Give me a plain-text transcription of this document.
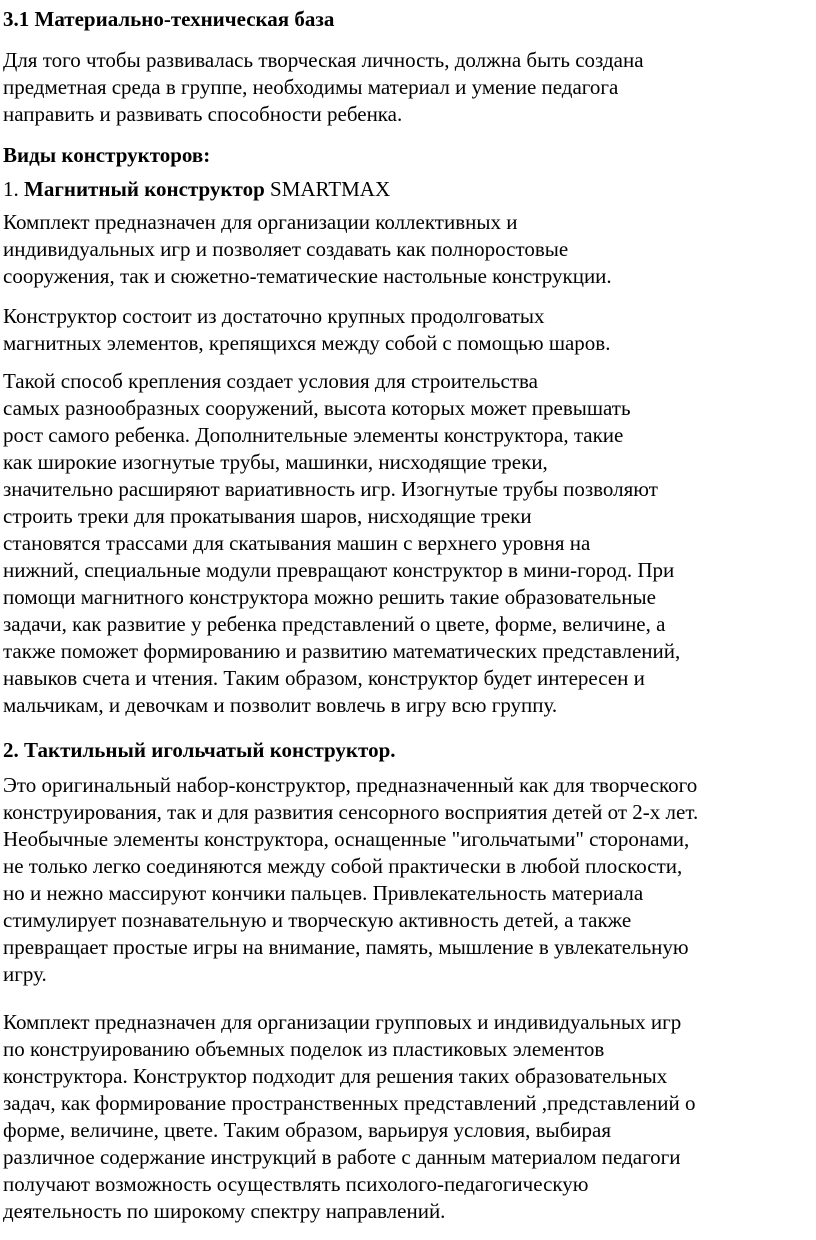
3.1 Материально-техническая база
Для того чтобы развивалась творческая личность, должна быть создана
предметная среда в группе, необходимы материал и умение педагога
направить и развивать способности ребенка.
Виды конструкторов:
1. Магнитный конструктор SMARTMAX
Комплект предназначен для организации коллективных и
индивидуальных игр и позволяет создавать как полноростовые
сооружения, так и сюжетно-тематические настольные конструкции.
Конструктор состоит из достаточно крупных продолговатых
магнитных элементов, крепящихся между собой с помощью шаров.
Такой способ крепления создает условия для строительства
самых разнообразных сооружений, высота которых может превышать
рост самого ребенка. Дополнительные элементы конструктора, такие
как широкие изогнутые трубы, машинки, нисходящие треки,
значительно расширяют вариативность игр. Изогнутые трубы позволяют
строить треки для прокатывания шаров, нисходящие треки
становятся трассами для скатывания машин с верхнего уровня на
нижний, специальные модули превращают конструктор в мини-город. При
помощи магнитного конструктора можно решить такие образовательные
задачи, как развитие у ребенка представлений о цвете, форме, величине, а
также поможет формированию и развитию математических представлений,
навыков счета и чтения. Таким образом, конструктор будет интересен и
мальчикам, и девочкам и позволит вовлечь в игру всю группу.
2. Тактильный игольчатый конструктор.
Это оригинальный набор-конструктор, предназначенный как для творческого
конструирования, так и для развития сенсорного восприятия детей от 2-х лет.
Необычные элементы конструктора, оснащенные "игольчатыми" сторонами,
не только легко соединяются между собой практически в любой плоскости,
но и нежно массируют кончики пальцев. Привлекательность материала
стимулирует познавательную и творческую активность детей, а также
превращает простые игры на внимание, память, мышление в увлекательную
игру.
Комплект предназначен для организации групповых и индивидуальных игр
по конструированию объемных поделок из пластиковых элементов
конструктора. Конструктор подходит для решения таких образовательных
задач, как формирование пространственных представлений ,представлений о
форме, величине, цвете. Таким образом, варьируя условия, выбирая
различное содержание инструкций в работе с данным материалом педагоги
получают возможность осуществлять психолого-педагогическую
деятельность по широкому спектру направлений.
